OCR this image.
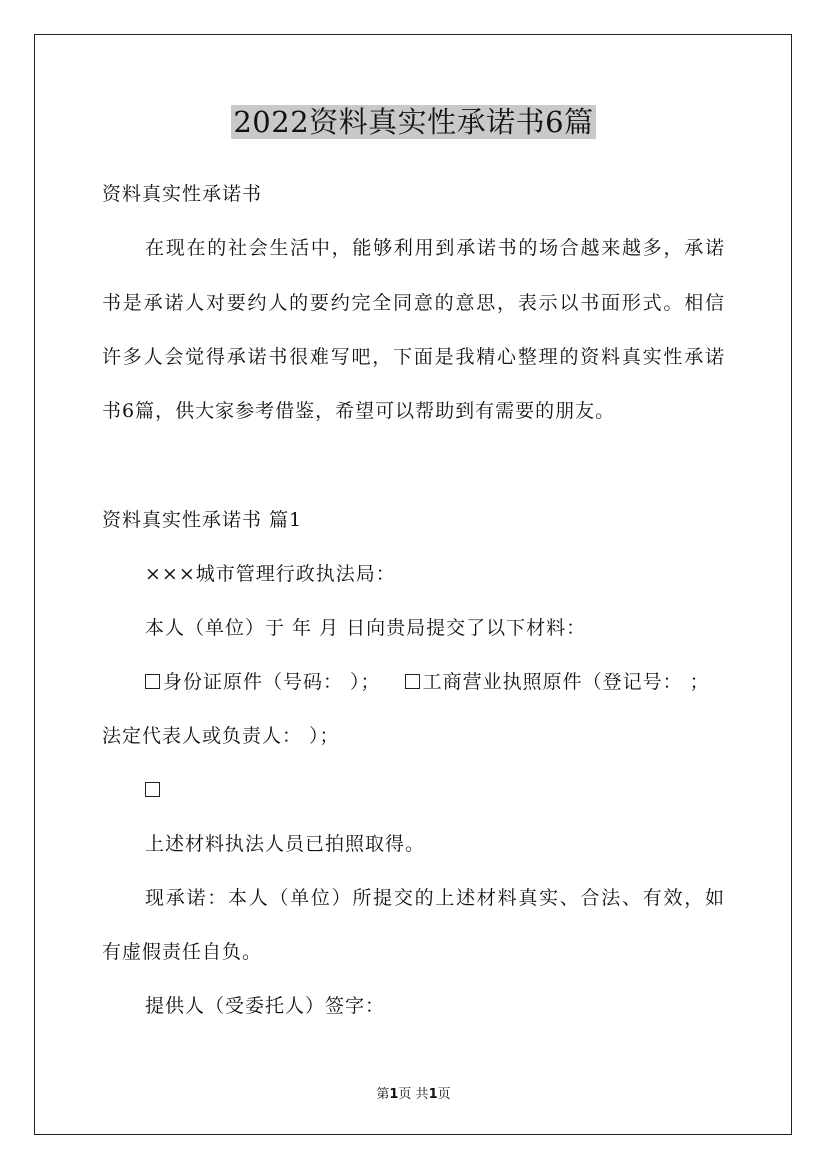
2022资料真实性承诺书6篇
资料真实性承诺书
在现在的社会生活中，能够利用到承诺书的场合越来越多，承诺
书是承诺人对要约人的要约完全同意的意思，表示以书面形式。相信
许多人会觉得承诺书很难写吧，下面是我精心整理的资料真实性承诺
书6篇，供大家参考借鉴，希望可以帮助到有需要的朋友。
资料真实性承诺书 篇1
×××城市管理行政执法局：
本人（单位）于 年 月 日向贵局提交了以下材料：
身份证原件（号码： ）； 工商营业执照原件（登记号： ；
法定代表人或负责人： ）；
上述材料执法人员已拍照取得。
现承诺：本人（单位）所提交的上述材料真实、合法、有效，如
有虚假责任自负。
提供人（受委托人）签字：
第1页 共1页
